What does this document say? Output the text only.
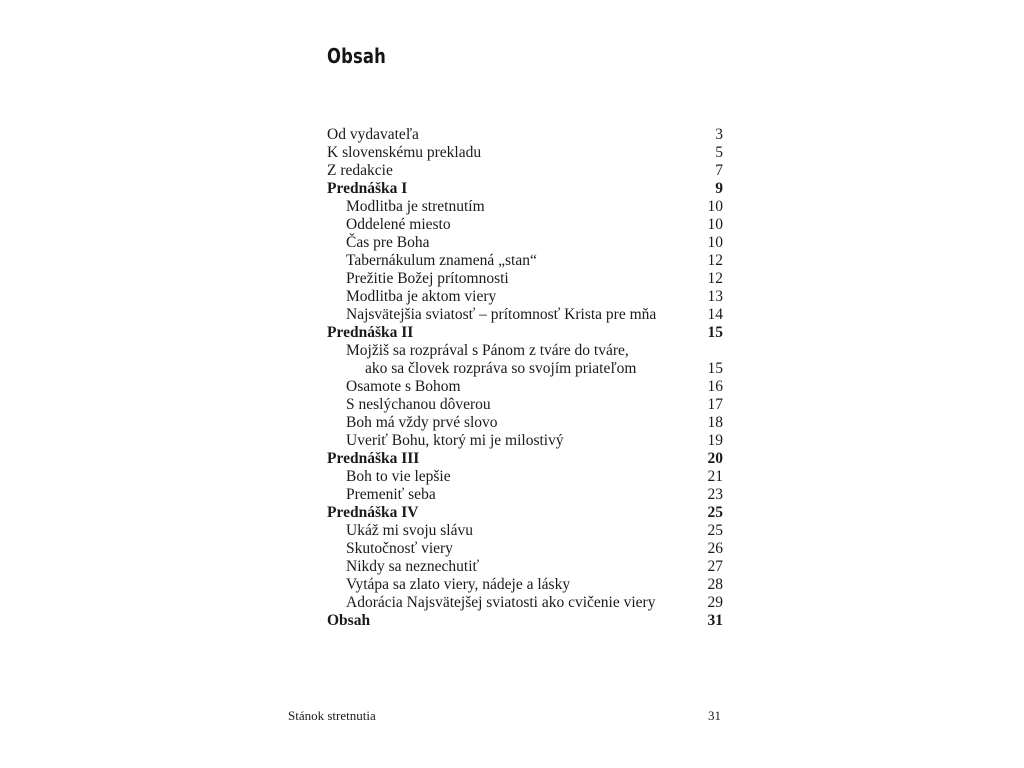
Obsah
Od vydavateľa	3
K slovenskému prekladu	5
Z redakcie	7
Prednáška I	9
Modlitba je stretnutím	10
Oddelené miesto	10
Čas pre Boha	10
Tabernákulum znamená „stan“	12
Prežitie Božej prítomnosti	12
Modlitba je aktom viery	13
Najsvätejšia sviatosť – prítomnosť Krista pre mňa	14
Prednáška II	15
Mojžiš sa rozprával s Pánom z tváre do tváre,
ako sa človek rozpráva so svojím priateľom	15
Osamote s Bohom	16
S neslýchanou dôverou	17
Boh má vždy prvé slovo	18
Uveriť Bohu, ktorý mi je milostivý	19
Prednáška III	20
Boh to vie lepšie	21
Premeniť seba	23
Prednáška IV	25
Ukáž mi svoju slávu	25
Skutočnosť viery	26
Nikdy sa neznechutiť	27
Vytápa sa zlato viery, nádeje a lásky	28
Adorácia Najsvätejšej sviatosti ako cvičenie viery	29
Obsah	31
Stánok stretnutia	31
